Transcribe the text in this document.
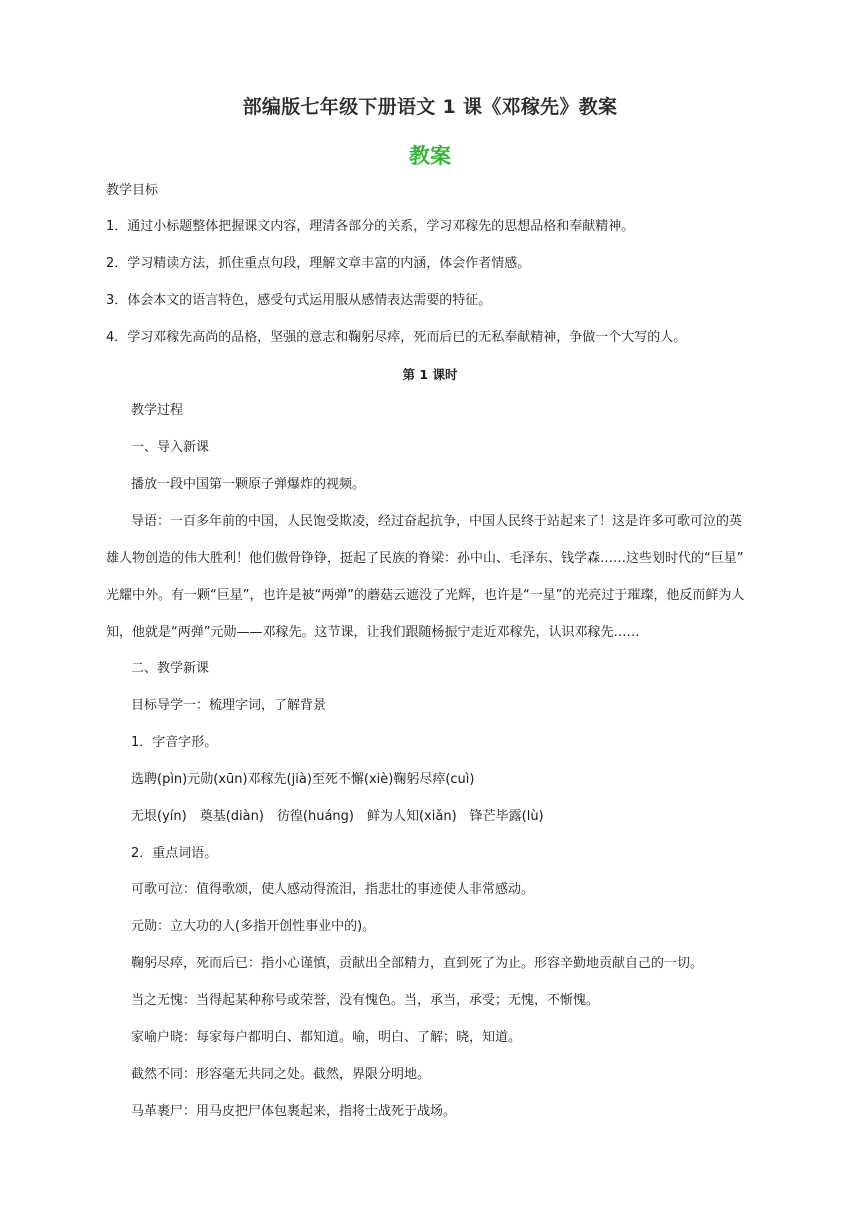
部编版七年级下册语文 1 课《邓稼先》教案
教案
教学目标
1．通过小标题整体把握课文内容，理清各部分的关系，学习邓稼先的思想品格和奉献精神。
2．学习精读方法，抓住重点句段，理解文章丰富的内涵，体会作者情感。
3．体会本文的语言特色，感受句式运用服从感情表达需要的特征。
4．学习邓稼先高尚的品格，坚强的意志和鞠躬尽瘁，死而后已的无私奉献精神，争做一个大写的人。
第 1 课时
教学过程
一、导入新课
播放一段中国第一颗原子弹爆炸的视频。
导语：一百多年前的中国，人民饱受欺凌，经过奋起抗争，中国人民终于站起来了！这是许多可歌可泣的英
雄人物创造的伟大胜利！他们傲骨铮铮，挺起了民族的脊梁：孙中山、毛泽东、钱学森……这些划时代的“巨星”
光耀中外。有一颗“巨星”，也许是被“两弹”的蘑菇云遮没了光辉，也许是“一星”的光亮过于璀璨，他反而鲜为人
知，他就是“两弹”元勋——邓稼先。这节课，让我们跟随杨振宁走近邓稼先，认识邓稼先……
二、教学新课
目标导学一：梳理字词，了解背景
1．字音字形。
选聘(pìn)元勋(xūn)邓稼先(jià)至死不懈(xiè)鞠躬尽瘁(cuì)
无垠(yín)　奠基(diàn)　彷徨(huáng)　鲜为人知(xiǎn)　锋芒毕露(lù)
2．重点词语。
可歌可泣：值得歌颂，使人感动得流泪，指悲壮的事迹使人非常感动。
元勋：立大功的人(多指开创性事业中的)。
鞠躬尽瘁，死而后已：指小心谨慎，贡献出全部精力，直到死了为止。形容辛勤地贡献自己的一切。
当之无愧：当得起某种称号或荣誉，没有愧色。当，承当，承受；无愧，不惭愧。
家喻户晓：每家每户都明白、都知道。喻，明白、了解；晓，知道。
截然不同：形容毫无共同之处。截然，界限分明地。
马革裹尸：用马皮把尸体包裹起来，指将士战死于战场。
